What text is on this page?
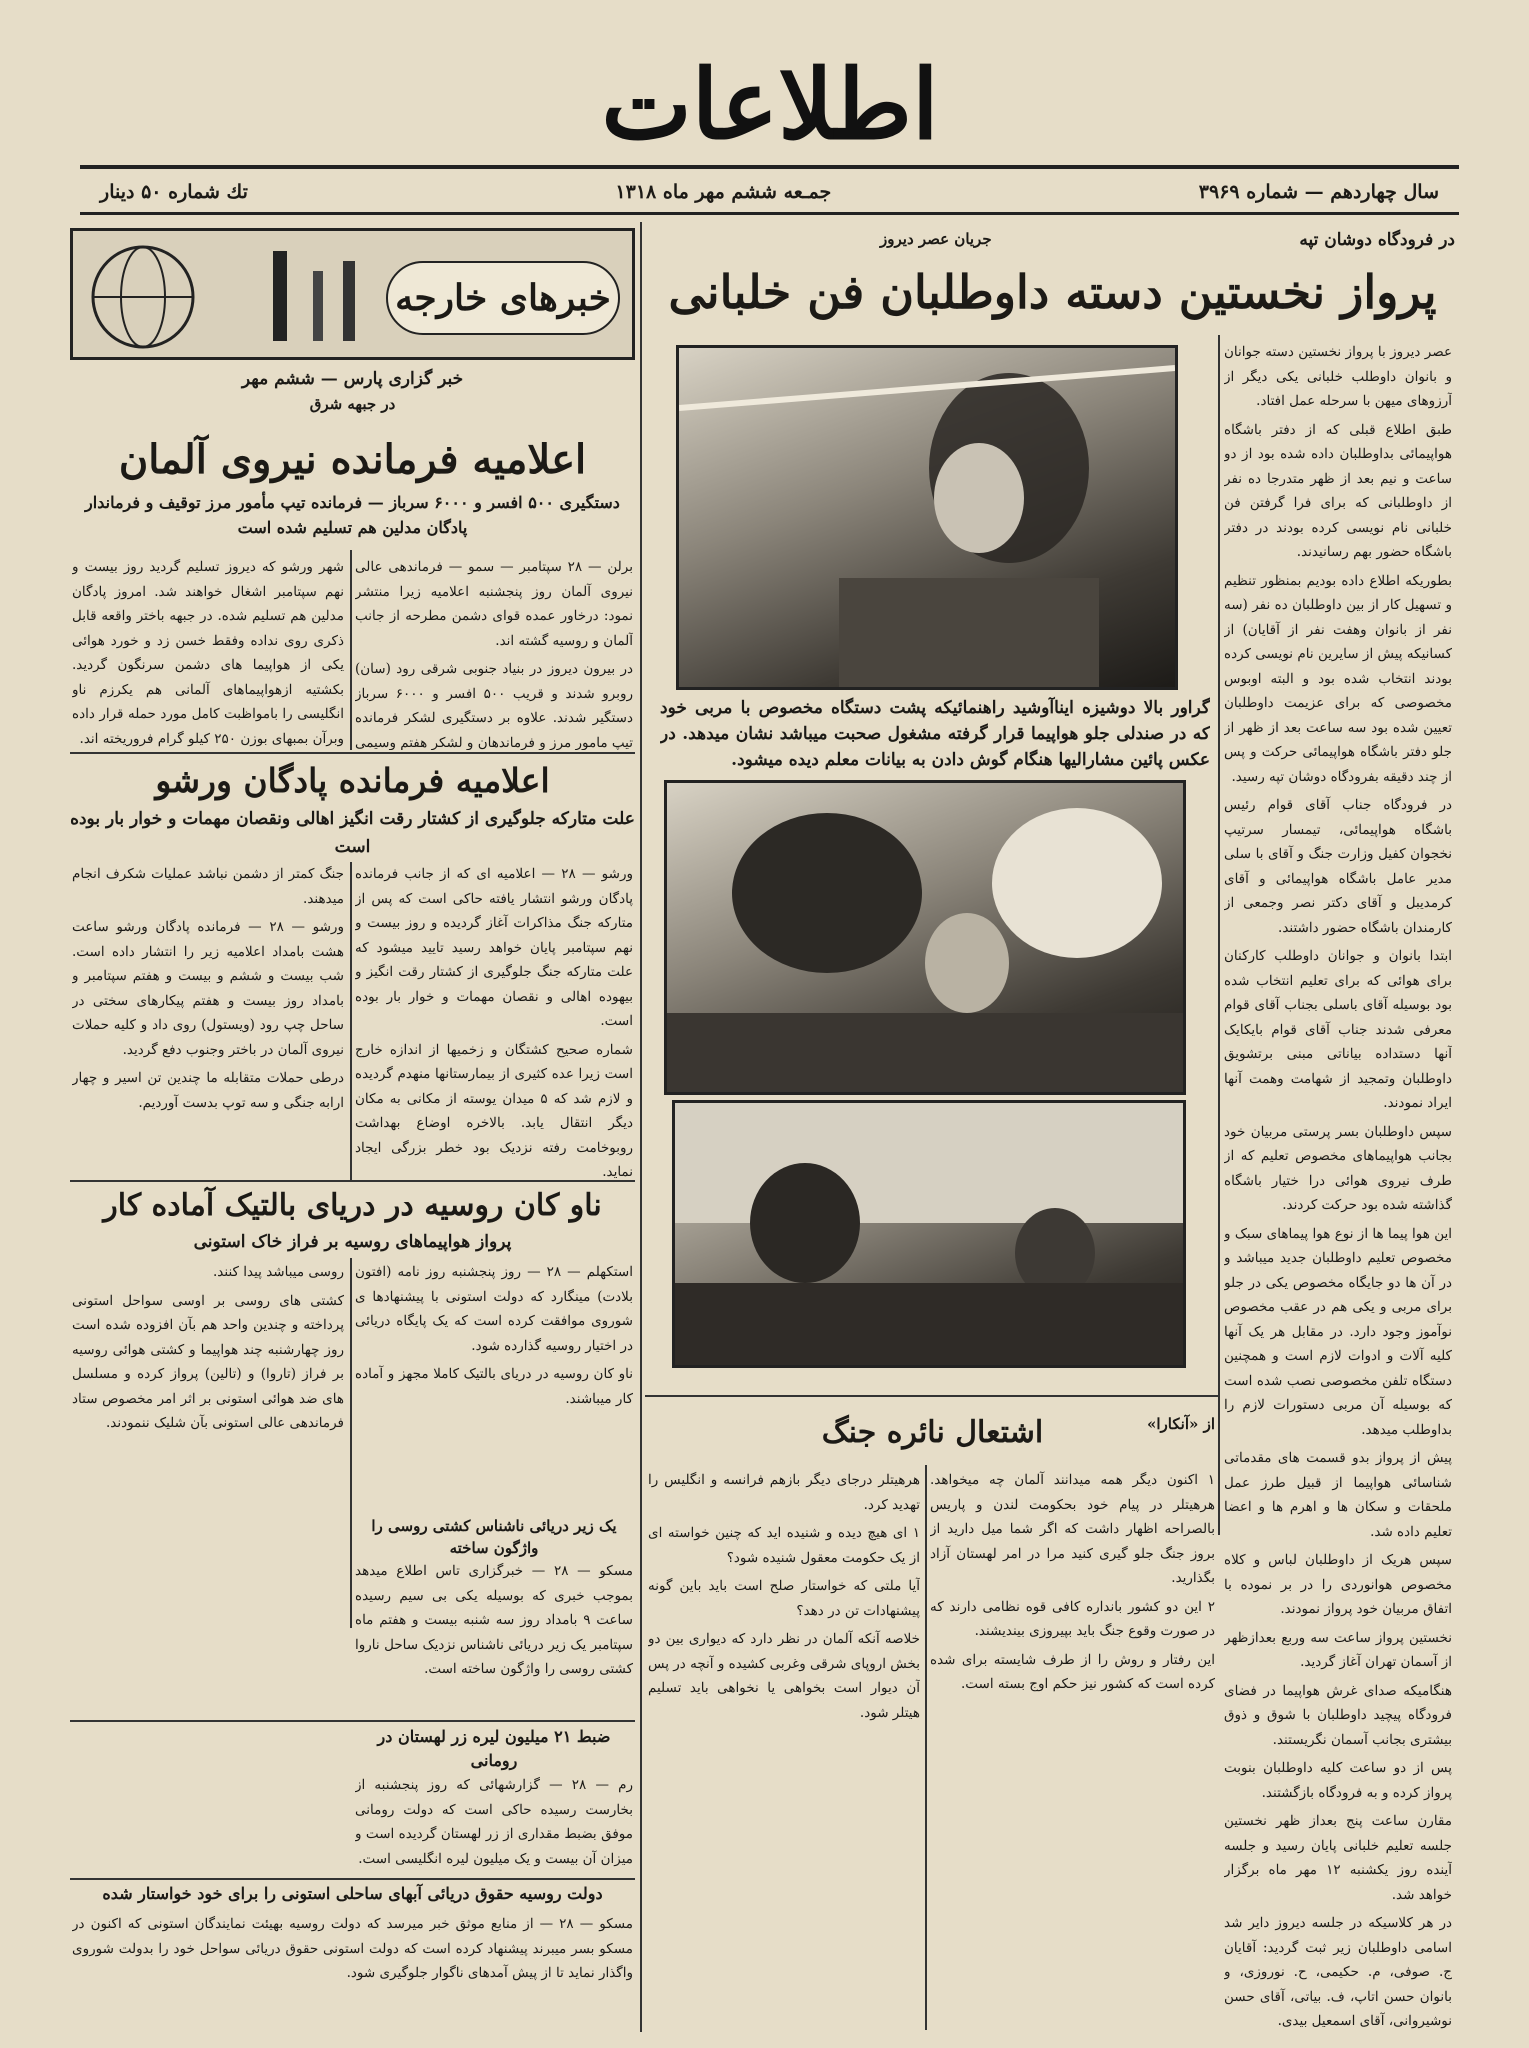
اطلاعات
سال چهاردهم — شماره ۳۹۶۹
جمـعه ششم مهر ماه ۱۳۱۸
تك شماره ۵۰ دینار
در فرودگاه دوشان تپه
جریان عصر دیروز
پرواز نخستین دسته داوطلبان فن خلبانی

عصر دیروز با پرواز نخستین دسته جوانان و بانوان داوطلب خلبانی یکی دیگر از آرزوهای میهن با سرحله عمل افتاد.

طبق اطلاع قبلی که از دفتر باشگاه هواپیمائی بداوطلبان داده شده بود از دو ساعت و نیم بعد از ظهر متدرجا ده نفر از داوطلبانی که برای فرا گرفتن فن خلبانی نام نویسی کرده بودند در دفتر باشگاه حضور بهم رسانیدند.

بطوریکه اطلاع داده بودیم بمنظور تنظیم و تسهیل کار از بین داوطلبان ده نفر (سه نفر از بانوان وهفت نفر از آقایان) از کسانیکه پیش از سایرین نام نویسی کرده بودند انتخاب شده بود و البته اوبوس مخصوصی که برای عزیمت داوطلبان تعیین شده بود سه ساعت بعد از ظهر از جلو دفتر باشگاه هواپیمائی حرکت و پس از چند دقیقه بفرودگاه دوشان تپه رسید.

در فرودگاه جناب آقای قوام رئیس باشگاه هواپیمائی، تیمسار سرتیپ نخجوان کفیل وزارت جنگ و آقای با سلی مدیر عامل باشگاه هواپیمائی و آقای کرمدیبل و آقای دکتر نصر وجمعی از کارمندان باشگاه حضور داشتند.

ابتدا بانوان و جوانان داوطلب کارکنان برای هوائی که برای تعلیم انتخاب شده بود بوسیله آقای باسلی بجناب آقای قوام معرفی شدند جناب آقای قوام بایکایک آنها دستداده بیاناتی مبنی برتشویق داوطلبان وتمجید از شهامت وهمت آنها ایراد نمودند.

سپس داوطلبان بسر پرستی مربیان خود بجانب هواپیماهای مخصوص تعلیم که از طرف نیروی هوائی درا ختیار باشگاه گذاشته شده بود حرکت کردند.

این هوا پیما ها از نوع هوا پیماهای سبک و مخصوص تعلیم داوطلبان جدید میباشد و در آن ها دو جایگاه مخصوص یکی در جلو برای مربی و یکی هم در عقب مخصوص نوآموز وجود دارد. در مقابل هر یک آنها کلیه آلات و ادوات لازم است و همچنین دستگاه تلفن مخصوصی نصب شده است که بوسیله آن مربی دستورات لازم را بداوطلب میدهد.

پیش از پرواز بدو قسمت های مقدماتی شناسائی هواپیما از قبیل طرز عمل ملحقات و سکان ها و اهرم ها و اعضا تعلیم داده شد.

سپس هریک از داوطلبان لباس و کلاه مخصوص هوانوردی را در بر نموده با اتفاق مربیان خود پرواز نمودند.

نخستین پرواز ساعت سه وربع بعدازظهر از آسمان تهران آغاز گردید.

هنگامیکه صدای غرش هواپیما در فضای فرودگاه پیچید داوطلبان با شوق و ذوق بیشتری بجانب آسمان نگریستند.

پس از دو ساعت کلیه داوطلبان بنوبت پرواز کرده و به فرودگاه بازگشتند.

مقارن ساعت پنج بعداز ظهر نخستین جلسه تعلیم خلبانی پایان رسید و جلسه آینده روز یکشنبه ۱۲ مهر ماه برگزار خواهد شد.

در هر کلاسیکه در جلسه دیروز دایر شد اسامی داوطلبان زیر ثبت گردید: آقایان ج. صوفی، م. حکیمی، ح. نوروزی، و بانوان حسن اتاپ، ف. بیاتی، آقای حسن نوشیروانی، آقای اسمعیل بیدی.

گراور بالا دوشیزه ایناآوشید راهنمائیکه پشت دستگاه مخصوص با مربی خود که در صندلی جلو هواپیما قرار گرفته مشغول صحبت میباشد نشان میدهد. در عکس پائین مشارالیها هنگام گوش دادن به بیانات معلم دیده میشود.
از «آنکارا»
اشتعال نائره جنگ

۱ اکنون دیگر همه میدانند آلمان چه میخواهد. هرهیتلر در پیام خود بحکومت لندن و پاریس بالصراحه اظهار داشت که اگر شما میل دارید از بروز جنگ جلو گیری کنید مرا در امر لهستان آزاد بگذارید.

۲ این دو کشور بانداره کافی قوه نظامی دارند که در صورت وقوع جنگ باید بپیروزی بیندیشند.

این رفتار و روش را از طرف شایسته برای شده کرده است که کشور نیز حکم اوج بسته است.

هرهیتلر درجای دیگر بازهم فرانسه و انگلیس را تهدید کرد.

۱ ای هیچ دیده و شنیده اید که چنین خواسته ای از یک حکومت معقول شنیده شود؟

آیا ملتی که خواستار صلح است باید باین گونه پیشنهادات تن در دهد؟

خلاصه آنکه آلمان در نظر دارد که دیواری بین دو بخش اروپای شرقی وغربی کشیده و آنچه در پس آن دیوار است بخواهی یا نخواهی باید تسلیم هیتلر شود.

خبرهای خارجه
خبر گزاری پارس — ششم مهر
در جبهه شرق
اعلامیه فرمانده نیروی آلمان
دستگیری ۵۰۰ افسر و ۶۰۰۰ سرباز — فرمانده تیپ مأمور مرز توقیف و فرماندار پادگان مدلین هم تسلیم شده است

برلن — ۲۸ سپتامبر — سمو — فرماندهی عالی نیروی آلمان روز پنجشنبه اعلامیه زیرا منتشر نمود: درخاور عمده قوای دشمن مطرحه از جانب آلمان و روسیه گشته اند.

در بیرون دیروز در بنیاد جنوبی شرقی رود (سان) روبرو شدند و قریب ۵۰۰ افسر و ۶۰۰۰ سرباز دستگیر شدند. علاوه بر دستگیری لشکر فرمانده تیپ مامور مرز و فرماندهان و لشکر هفتم وسیمی

شهر ورشو که دیروز تسلیم گردید روز بیست و نهم سپتامبر اشغال خواهند شد. امروز پادگان مدلین هم تسلیم شده. در جبهه باختر واقعه قابل ذکری روی نداده وفقط خسن زد و خورد هوائی یکی از هواپیما های دشمن سرنگون گردید. بکشتیه ازهواپیماهای آلمانی هم یکرزم ناو انگلیسی را بامواظبت کامل مورد حمله قرار داده وبرآن بمبهای بوزن ۲۵۰ کیلو گرام فروریخته اند.

اعلامیه فرمانده پادگان ورشو
علت متارکه جلوگیری از کشتار رقت انگیز اهالی ونقصان مهمات و خوار بار بوده است

ورشو — ۲۸ — اعلامیه ای که از جانب فرمانده پادگان ورشو انتشار یافته حاکی است که پس از متارکه جنگ مذاکرات آغاز گردیده و روز بیست و نهم سپتامبر پایان خواهد رسید تایید میشود که علت متارکه جنگ جلوگیری از کشتار رقت انگیز و بیهوده اهالی و نقصان مهمات و خوار بار بوده است.

شماره صحیح کشتگان و زخمیها از اندازه خارج است زیرا عده کثیری از بیمارستانها منهدم گردیده و لازم شد که ۵ میدان یوسته از مکانی به مکان دیگر انتقال یابد. بالاخره اوضاع بهداشت روبوخامت رفته نزدیک بود خطر بزرگی ایجاد نماید.

جنگ کمتر از دشمن نباشد عملیات شکرف انجام میدهند.

ورشو — ۲۸ — فرمانده پادگان ورشو ساعت هشت بامداد اعلامیه زیر را انتشار داده است. شب بیست و ششم و بیست و هفتم سپتامبر و بامداد روز بیست و هفتم پیکارهای سختی در ساحل چپ رود (ویستول) روی داد و کلیه حملات نیروی آلمان در باختر وجنوب دفع گردید.

درطی حملات متقابله ما چندین تن اسیر و چهار ارابه جنگی و سه توپ بدست آوردیم.

ناو کان روسیه در دریای بالتیک آماده کار
پرواز هواپیماهای روسیه بر فراز خاک استونی

استکهلم — ۲۸ — روز پنجشنبه روز نامه (افتون بلادت) مینگارد که دولت استونی با پیشنهادها ی شوروی موافقت کرده است که یک پایگاه دریائی در اختیار روسیه گذارده شود.

ناو کان روسیه در دریای بالتیک کاملا مجهز و آماده کار میباشند.

روسی میباشد پیدا کنند.

کشتی های روسی بر اوسی سواحل استونی پرداخته و چندین واحد هم بآن افزوده شده است روز چهارشنبه چند هواپیما و کشتی هوائی روسیه بر فراز (تاروا) و (تالین) پرواز کرده و مسلسل های ضد هوائی استونی بر اثر امر مخصوص ستاد فرماندهی عالی استونی بآن شلیک ننمودند.

یک زیر دریائی ناشناس کشتی روسی را واژگون ساخته
مسکو — ۲۸ — خبرگزاری تاس اطلاع میدهد بموجب خبری که بوسیله یکی بی سیم رسیده ساعت ۹ بامداد روز سه شنبه بیست و هفتم ماه سپتامبر یک زیر دریائی ناشناس نزدیک ساحل ناروا کشتی روسی را واژگون ساخته است.
ضبط ۲۱ میلیون لیره زر لهستان در رومانی
رم — ۲۸ — گزارشهائی که روز پنجشنبه از بخارست رسیده حاکی است که دولت رومانی موفق بضبط مقداری از زر لهستان گردیده است و میزان آن بیست و یک میلیون لیره انگلیسی است.
دولت روسیه حقوق دریائی آبهای ساحلی استونی را برای خود خواستار شده
مسکو — ۲۸ — از منابع موثق خبر میرسد که دولت روسیه بهیئت نمایندگان استونی که اکنون در مسکو بسر میبرند پیشنهاد کرده است که دولت استونی حقوق دریائی سواحل خود را بدولت شوروی واگذار نماید تا از پیش آمدهای ناگوار جلوگیری شود.
